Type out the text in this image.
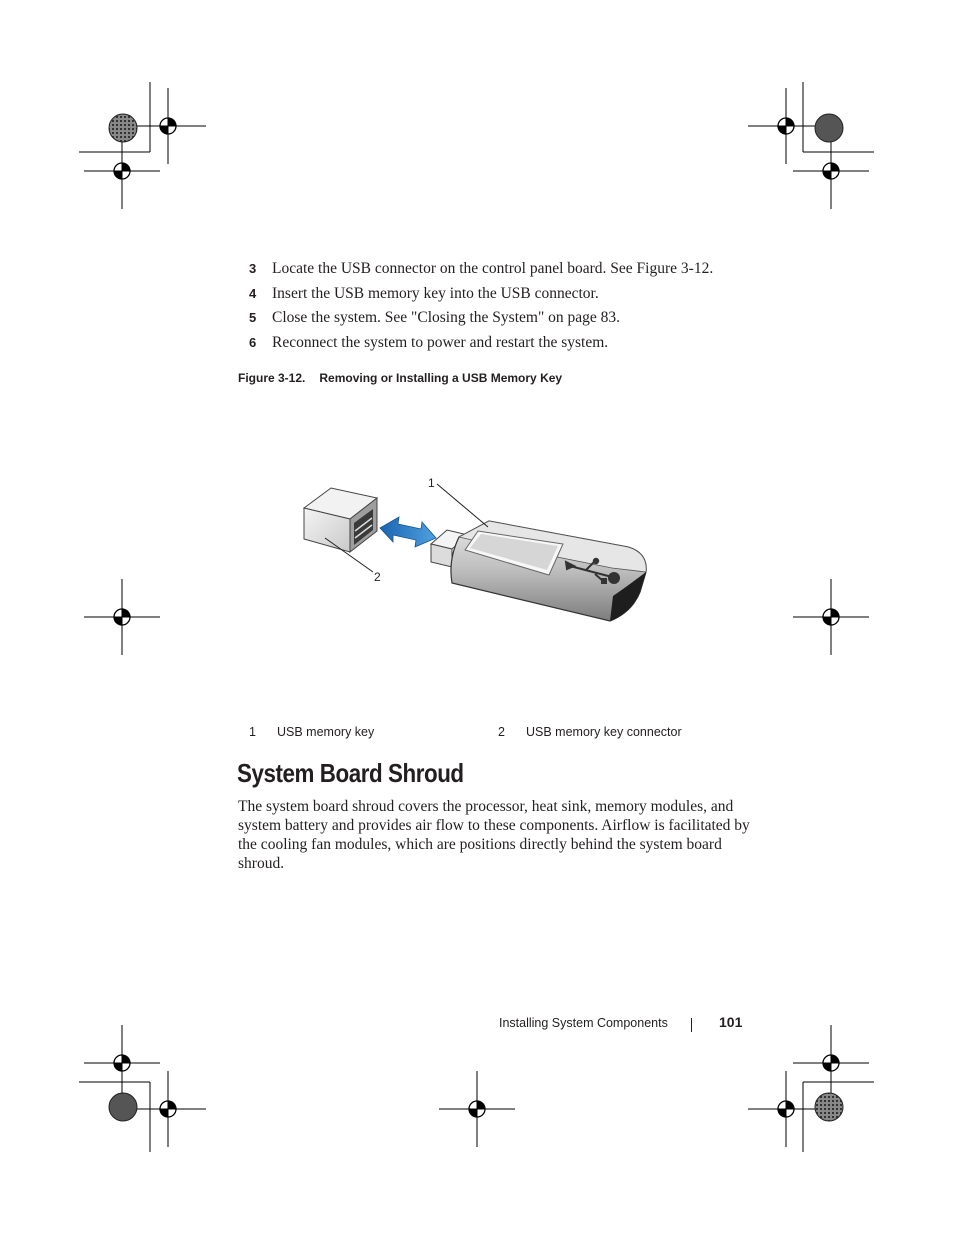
3 Locate the USB connector on the control panel board. See Figure 3-12.
4 Insert the USB memory key into the USB connector.
5 Close the system. See "Closing the System" on page 83.
6 Reconnect the system to power and restart the system.
Figure 3-12. Removing or Installing a USB Memory Key
1
2
1 USB memory key	2 USB memory key connector
System Board Shroud
The system board shroud covers the processor, heat sink, memory modules, and system battery and provides air flow to these components. Airflow is facilitated by the cooling fan modules, which are positions directly behind the system board shroud.
Installing System Components	101
